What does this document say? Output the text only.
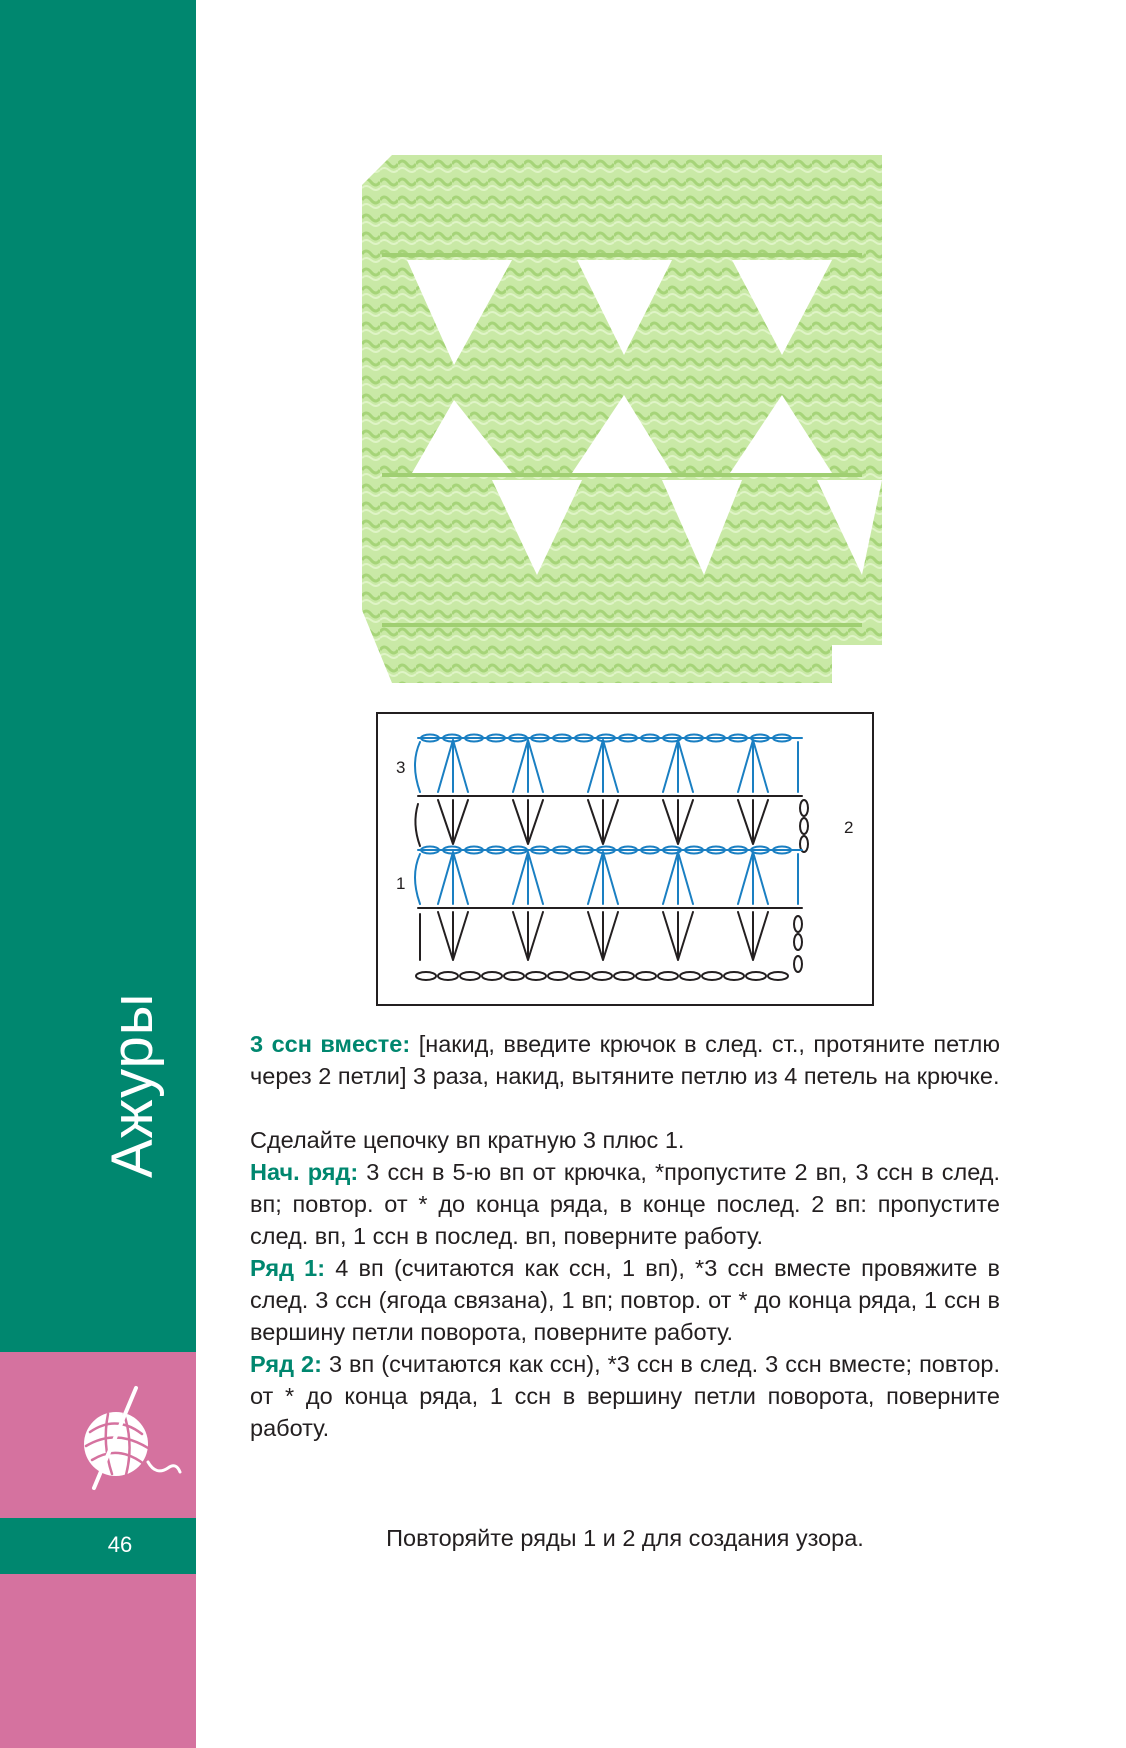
Ажуры
46
3
2
1

3 ссн вместе: [накид, введите крючок в след. ст., протяните петлю через 2 петли] 3 раза, накид, вытяните петлю из 4 петель на крючке.

Сделайте цепочку вп кратную 3 плюс 1.

Нач. ряд: 3 ссн в 5-ю вп от крючка, *пропустите 2 вп, 3 ссн в след. вп; повтор. от * до конца ряда, в конце послед. 2 вп: пропустите след. вп, 1 ссн в послед. вп, поверните работу.

Ряд 1: 4 вп (считаются как ссн, 1 вп), *3 ссн вместе провяжите в след. 3 ссн (ягода связана), 1 вп; повтор. от * до конца ряда, 1 ссн в вершину петли поворота, поверните работу.

Ряд 2: 3 вп (считаются как ссн), *3 ссн в след. 3 ссн вместе; повтор. от * до конца ряда, 1 ссн в вершину петли поворота, поверните работу.

Повторяйте ряды 1 и 2 для создания узора.
